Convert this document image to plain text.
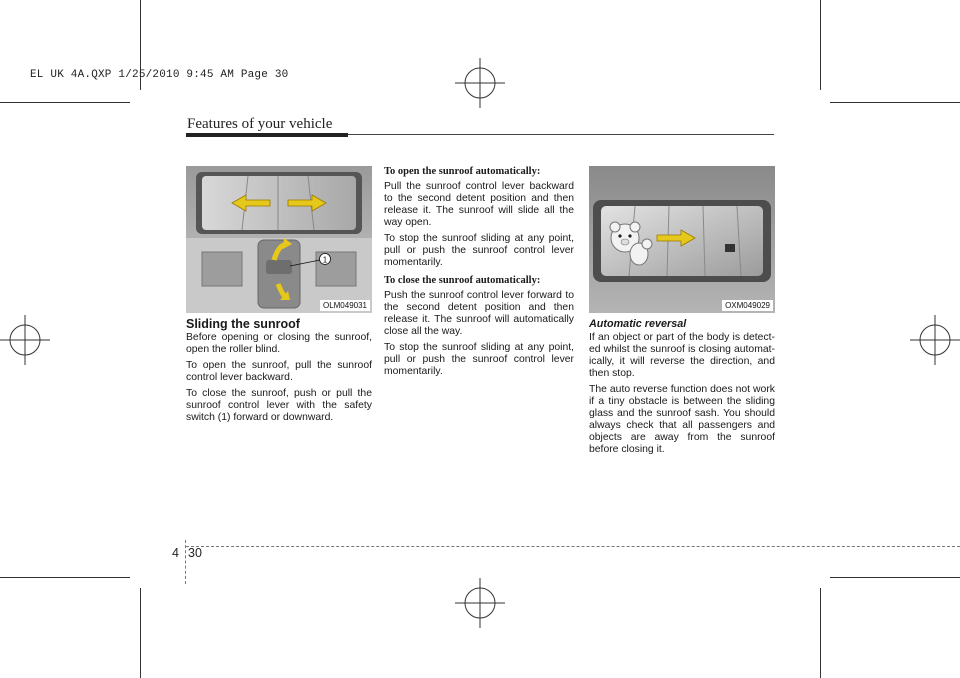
EL UK 4A.QXP 1/25/2010 9:45 AM Page 30
Features of your vehicle
1
OLM049031
Sliding the sunroof

Before opening or closing the sunroof, open the roller blind.

To open the sunroof, pull the sunroof control lever backward.

To close the sunroof, push or pull the sunroof control lever with the safety switch (1) forward or downward.

To open the sunroof automatically:

Pull the sunroof control lever backward to the second detent position and then release it. The sunroof will slide all the way open.

To stop the sunroof sliding at any point, pull or push the sunroof control lever momentarily.

To close the sunroof automatically:

Push the sunroof control lever forward to the second detent position and then release it. The sunroof will automatically close all the way.

To stop the sunroof sliding at any point, pull or push the sunroof control lever momentarily.

OXM049029
Automatic reversal

If an object or part of the body is detect- ed whilst the sunroof is closing automat- ically, it will reverse the direction, and then stop.

The auto reverse function does not work if a tiny obstacle is between the sliding glass and the sunroof sash. You should always check that all passengers and objects are away from the sunroof before closing it.

4 30
